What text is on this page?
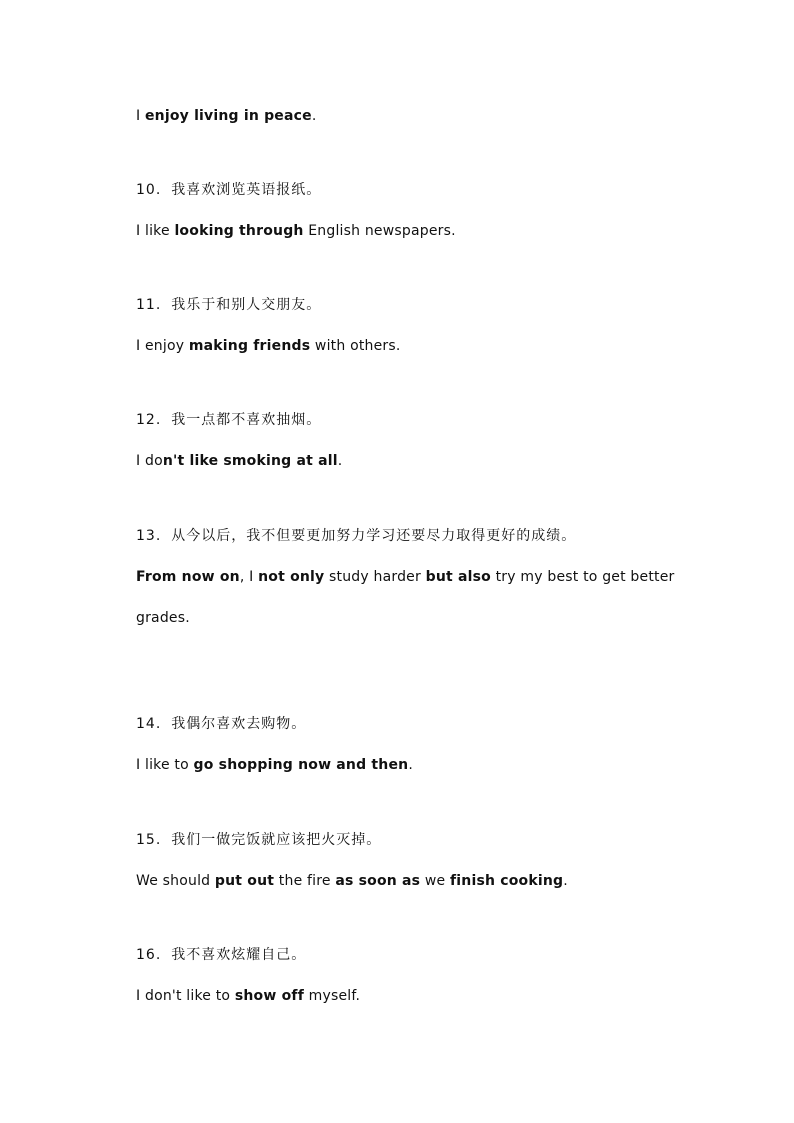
I enjoy living in peace.
10. 我喜欢浏览英语报纸。
I like looking through English newspapers.
11. 我乐于和别人交朋友。
I enjoy making friends with others.
12. 我一点都不喜欢抽烟。
I don't like smoking at all.
13. 从今以后，我不但要更加努力学习还要尽力取得更好的成绩。
From now on, I not only study harder but also try my best to get better
grades.
14. 我偶尔喜欢去购物。
I like to go shopping now and then.
15. 我们一做完饭就应该把火灭掉。
We should put out the fire as soon as we finish cooking.
16. 我不喜欢炫耀自己。
I don't like to show off myself.
